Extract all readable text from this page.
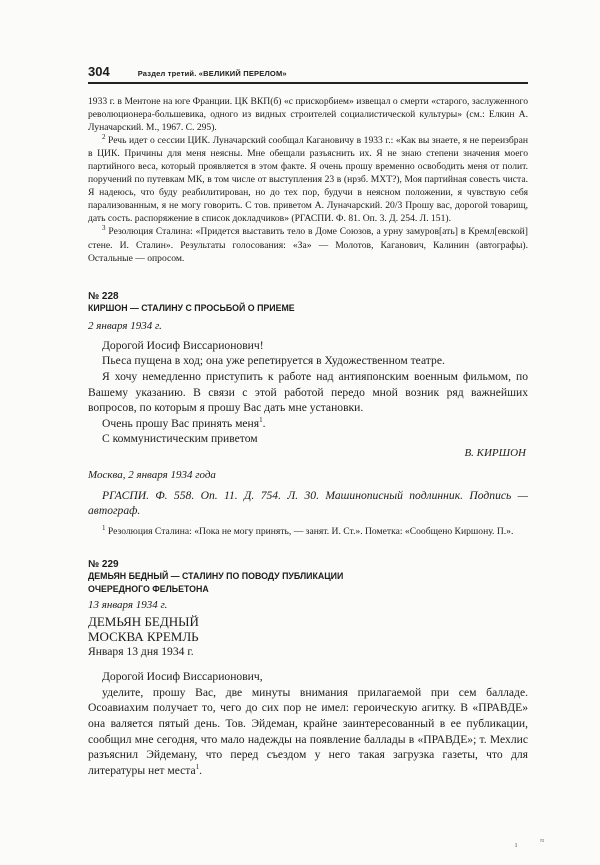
304	Раздел третий. «ВЕЛИКИЙ ПЕРЕЛОМ»

1933 г. в Ментоне на юге Франции. ЦК ВКП(б) «с прискорбием» извещал о смерти «старого, заслуженного революционера-большевика, одного из видных строителей социалистической культуры» (см.: Елкин А. Луначарский. М., 1967. С. 295).

$^2$ Речь идет о сессии ЦИК. Луначарский сообщал Кагановичу в 1933 г.: «Как вы знаете, я не переизбран в ЦИК. Причины для меня неясны. Мне обещали разъяснить их. Я не знаю степени значения моего партийного веса, который проявляется в этом факте. Я очень прошу временно освободить меня от полит. поручений по путевкам МК, в том числе от выступления 23 в (нрзб. МХТ?), Моя партийная совесть чиста. Я надеюсь, что буду реабилитирован, но до тех пор, будучи в неясном положении, я чувствую себя парализованным, я не могу говорить. С тов. приветом А. Луначарский. 20/3 Прошу вас, дорогой товарищ, дать сость. распоряжение в список докладчиков» (РГАСПИ. Ф. 81. Оп. 3. Д. 254. Л. 151).

$^3$ Резолюция Сталина: «Придется выставить тело в Доме Союзов, а урну замуров[ать] в Кремл[евской] стене. И. Сталин». Результаты голосования: «За» — Молотов, Каганович, Калинин (автографы). Остальные — опросом.

№ 228
КИРШОН — СТАЛИНУ С ПРОСЬБОЙ О ПРИЕМЕ
2 января 1934 г.

Дорогой Иосиф Виссарионович!

Пьеса пущена в ход; она уже репетируется в Художественном театре.

Я хочу немедленно приступить к работе над антияпонским военным фильмом, по Вашему указанию. В связи с этой работой передо мной возник ряд важнейших вопросов, по которым я прошу Вас дать мне установки.

Очень прошу Вас принять меня$^1$.

С коммунистическим приветом

В. КИРШОН
Москва, 2 января 1934 года
РГАСПИ. Ф. 558. Оп. 11. Д. 754. Л. 30. Машинописный подлинник. Подпись — автограф.

$^1$ Резолюция Сталина: «Пока не могу принять, — занят. И. Ст.». Пометка: «Сообщено Киршону. П.».

№ 229
ДЕМЬЯН БЕДНЫЙ — СТАЛИНУ ПО ПОВОДУ ПУБЛИКАЦИИ
ОЧЕРЕДНОГО ФЕЛЬЕТОНА
13 января 1934 г.
ДЕМЬЯН БЕДНЫЙ
МОСКВА КРЕМЛЬ
Января 13 дня 1934 г.

Дорогой Иосиф Виссарионович,

уделите, прошу Вас, две минуты внимания прилагаемой при сем балладе. Осоавиахим получает то, чего до сих пор не имел: героическую агитку. В «ПРАВДЕ» она валяется пятый день. Тов. Эйдеман, крайне заинтересованный в ее публикации, сообщил мне сегодня, что мало надежды на появление баллады в «ПРАВДЕ»; т. Мехлис разъяснил Эйдеману, что перед съездом у него такая загрузка газеты, что для литературы нет места$^1$.

ı	≈
